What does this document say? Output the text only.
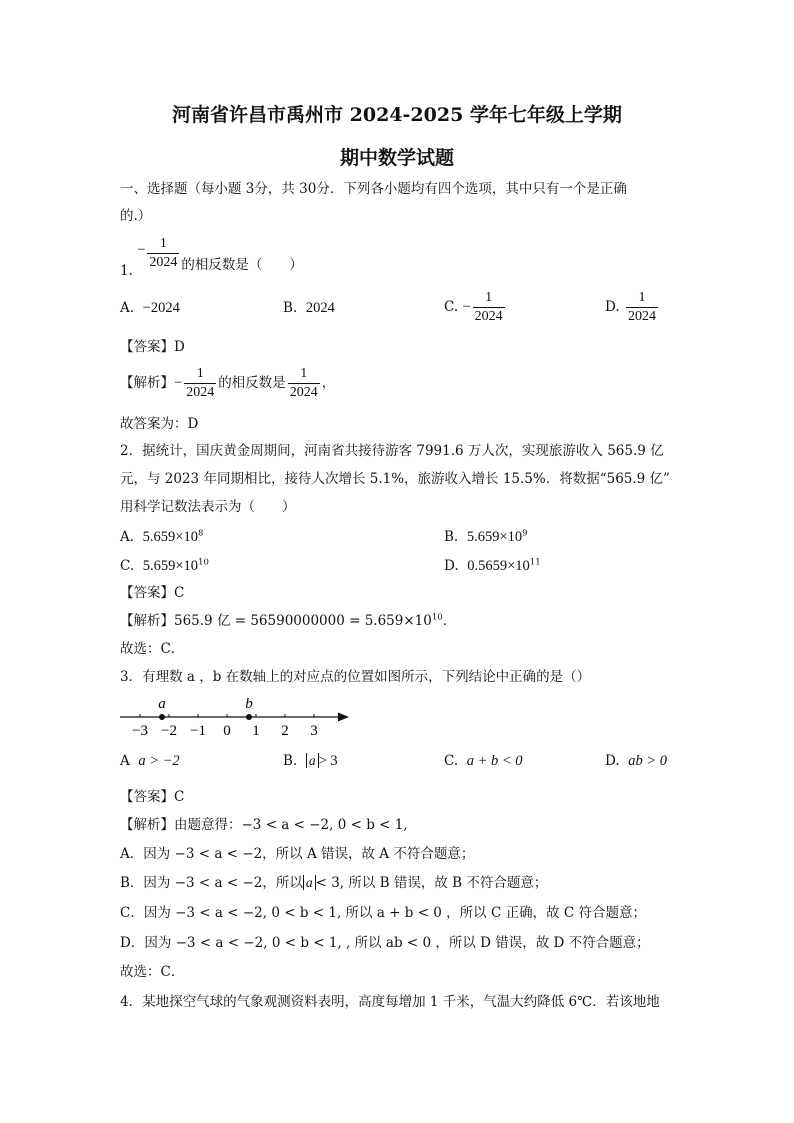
河南省许昌市禹州市 2024-2025 学年七年级上学期
期中数学试题
一、选择题（每小题 3分，共 30分．下列各小题均有四个选项，其中只有一个是正确
的.）
1. − $\frac{1}{2024}$ 的相反数是（　　）
A. −2024	B. 2024	C. − $\frac{1}{2024}$	D. $\frac{1}{2024}$
【答案】D
【解析】− $\frac{1}{2024}$ 的相反数是 $\frac{1}{2024}$ ，
故答案为：D
2．据统计，国庆黄金周期间，河南省共接待游客 7991.6 万人次，实现旅游收入 565.9 亿
元，与 2023 年同期相比，接待人次增长 5.1%，旅游收入增长 15.5%．将数据“565.9 亿”
用科学记数法表示为（　　）
A. $5.659\times 10^8$	B. $5.659\times 10^9$
C. $5.659\times 10^{10}$	D. $0.5659\times 10^{11}$
【答案】C
【解析】565.9 亿 = $56590000000 = 5.659\times 10^{10}$．
故选：C．
3．有理数 a ，b 在数轴上的对应点的位置如图所示，下列结论中正确的是（）
−3 −2 −1 0 1 2 3
a	b
A a > −2	B. a > 3	C. a + b < 0	D. ab > 0
【答案】C
【解析】由题意得：−3 < a < −2, 0 < b < 1,
A．因为 −3 < a < −2，所以 A 错误，故 A 不符合题意；
B．因为 −3 < a < −2，所以 a < 3, 所以 B 错误，故 B 不符合题意；
C．因为 −3 < a < −2, 0 < b < 1, 所以 a + b < 0 ，所以 C 正确，故 C 符合题意；
D．因为 −3 < a < −2, 0 < b < 1, , 所以 ab < 0 ，所以 D 错误，故 D 不符合题意；
故选：C．
4．某地探空气球的气象观测资料表明，高度每增加 1 千米，气温大约降低 6℃．若该地地
